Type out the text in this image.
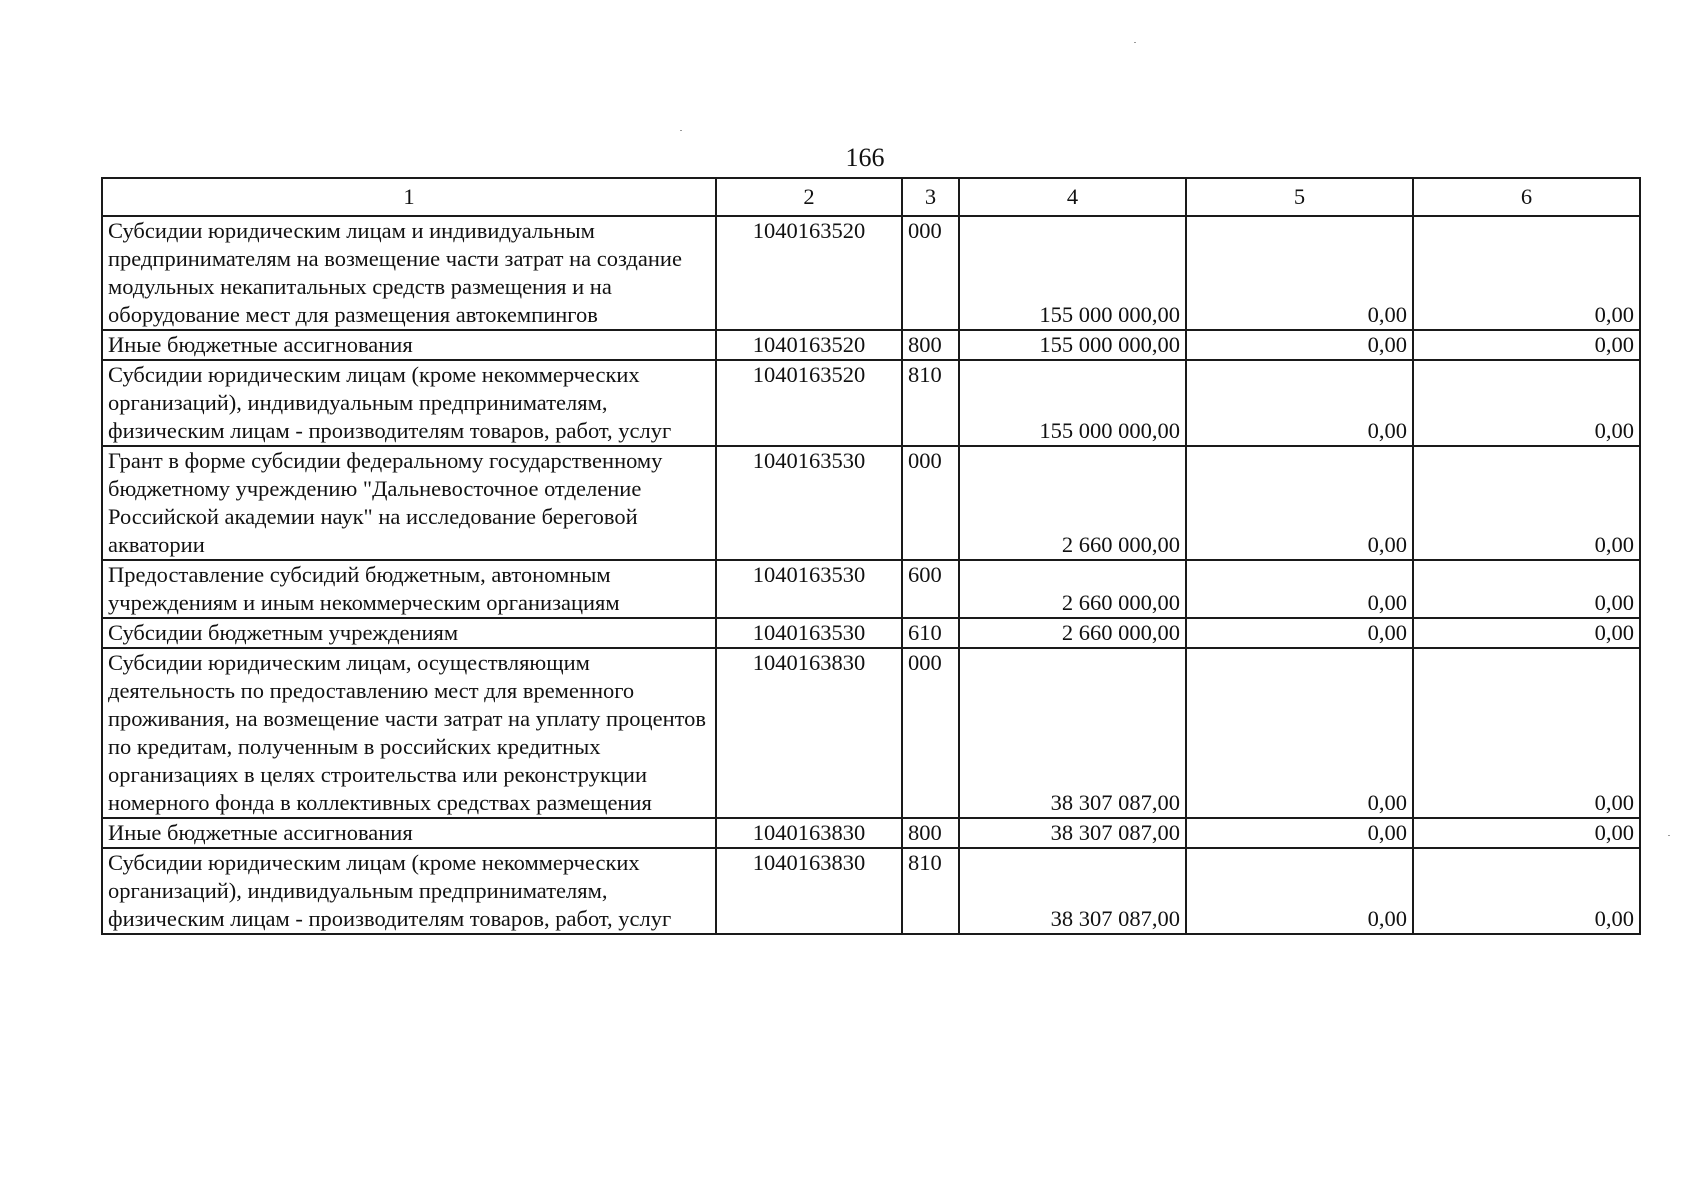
166
1	2	3	4	5	6
Субсидии юридическим лицам и индивидуальным предпринимателям на возмещение части затрат на создание модульных некапитальных средств размещения и на оборудование мест для размещения автокемпингов	1040163520	000	155 000 000,00	0,00	0,00
Иные бюджетные ассигнования	1040163520	800	155 000 000,00	0,00	0,00
Субсидии юридическим лицам (кроме некоммерческих организаций), индивидуальным предпринимателям, физическим лицам - производителям товаров, работ, услуг	1040163520	810	155 000 000,00	0,00	0,00
Грант в форме субсидии федеральному государственному бюджетному учреждению "Дальневосточное отделение Российской академии наук" на исследование береговой акватории	1040163530	000	2 660 000,00	0,00	0,00
Предоставление субсидий бюджетным, автономным учреждениям и иным некоммерческим организациям	1040163530	600	2 660 000,00	0,00	0,00
Субсидии бюджетным учреждениям	1040163530	610	2 660 000,00	0,00	0,00
Субсидии юридическим лицам, осуществляющим деятельность по предоставлению мест для временного проживания, на возмещение части затрат на уплату процентов по кредитам, полученным в российских кредитных организациях в целях строительства или реконструкции номерного фонда в коллективных средствах размещения	1040163830	000	38 307 087,00	0,00	0,00
Иные бюджетные ассигнования	1040163830	800	38 307 087,00	0,00	0,00
Субсидии юридическим лицам (кроме некоммерческих организаций), индивидуальным предпринимателям, физическим лицам - производителям товаров, работ, услуг	1040163830	810	38 307 087,00	0,00	0,00
